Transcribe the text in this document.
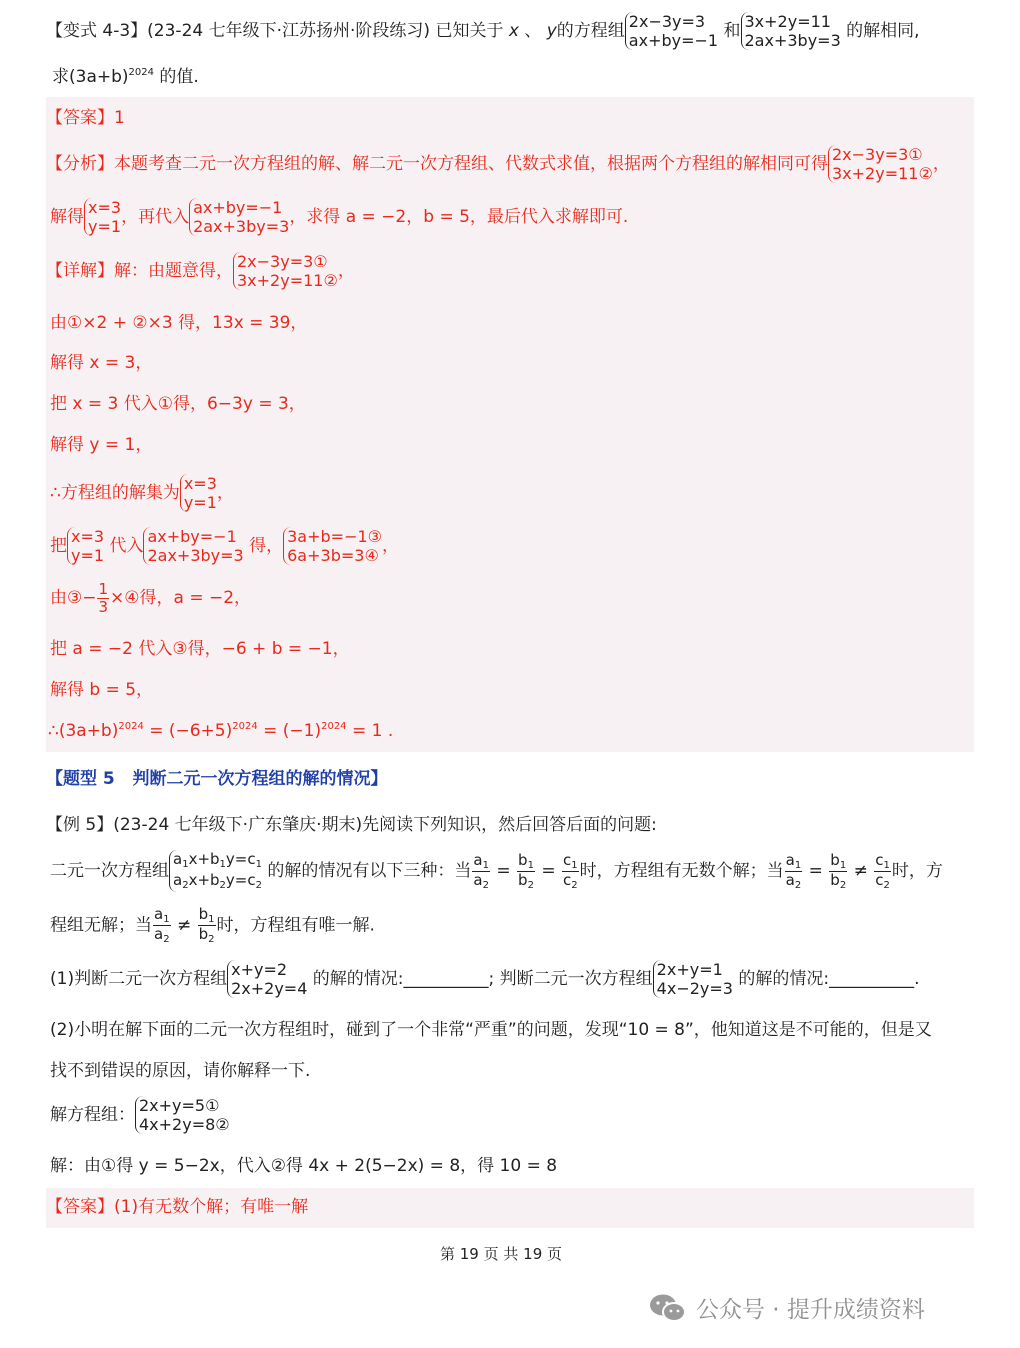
【变式 4-3】(23-24 七年级下·江苏扬州·阶段练习) 已知关于 x 、 y的方程组 2x−3y=3
ax+by=−1 和 3x+2y=11
2ax+3by=3 的解相同,
求$(3a+b)^{2024}$ 的值.
【答案】1
【分析】本题考查二元一次方程组的解、解二元一次方程组、代数式求值，根据两个方程组的解相同可得 2x−3y=3①
3x+2y=11② ，
解得 x=3
y=1 ，再代入 ax+by=−1
2ax+3by=3 ，求得 a = −2，b = 5，最后代入求解即可.
【详解】解：由题意得， 2x−3y=3①
3x+2y=11② ，
由①×2 + ②×3 得，13x = 39，
解得 x = 3，
把 x = 3 代入①得，6−3y = 3，
解得 y = 1，
∴方程组的解集为 x=3
y=1 ，
把 x=3
y=1 代入 ax+by=−1
2ax+3by=3 得， 3a+b=−1③
6a+3b=3④ ，
由③− $\frac{1}{3}$ ×④得，a = −2，
把 a = −2 代入③得，−6 + b = −1，
解得 b = 5，
$\therefore(3a+b)^{2024} = (-6+5)^{2024} = (-1)^{2024} = 1$ .
【题型 5 判断二元一次方程组的解的情况】
【例 5】(23-24 七年级下·广东肇庆·期末)先阅读下列知识，然后回答后面的问题:
二元一次方程组
$a_1x+b_1y=c_1$
$a_2x+b_2y=c_2$
的解的情况有以下三种：当 $\frac{a_1}{a_2} = \frac{b_1}{b_2} = \frac{c_1}{c_2}$ 时，方程组有无数个解；当 $\frac{a_1}{a_2} = \frac{b_1}{b_2} \ne \frac{c_1}{c_2}$ 时，方
程组无解；当 $\frac{a_1}{a_2} \ne \frac{b_1}{b_2}$ 时，方程组有唯一解.
(1)判断二元一次方程组 x+y=2
2x+2y=4 的解的情况:__________; 判断二元一次方程组 2x+y=1
4x−2y=3 的解的情况:__________.
(2)小明在解下面的二元一次方程组时，碰到了一个非常“严重”的问题，发现“10 = 8”，他知道这是不可能的，但是又
找不到错误的原因，请你解释一下.
解方程组： 2x+y=5①
4x+2y=8②
解：由①得 y = 5−2x，代入②得 4x + 2(5−2x) = 8，得 10 = 8
【答案】(1)有无数个解；有唯一解
第 19 页 共 19 页
公众号 · 提升成绩资料
